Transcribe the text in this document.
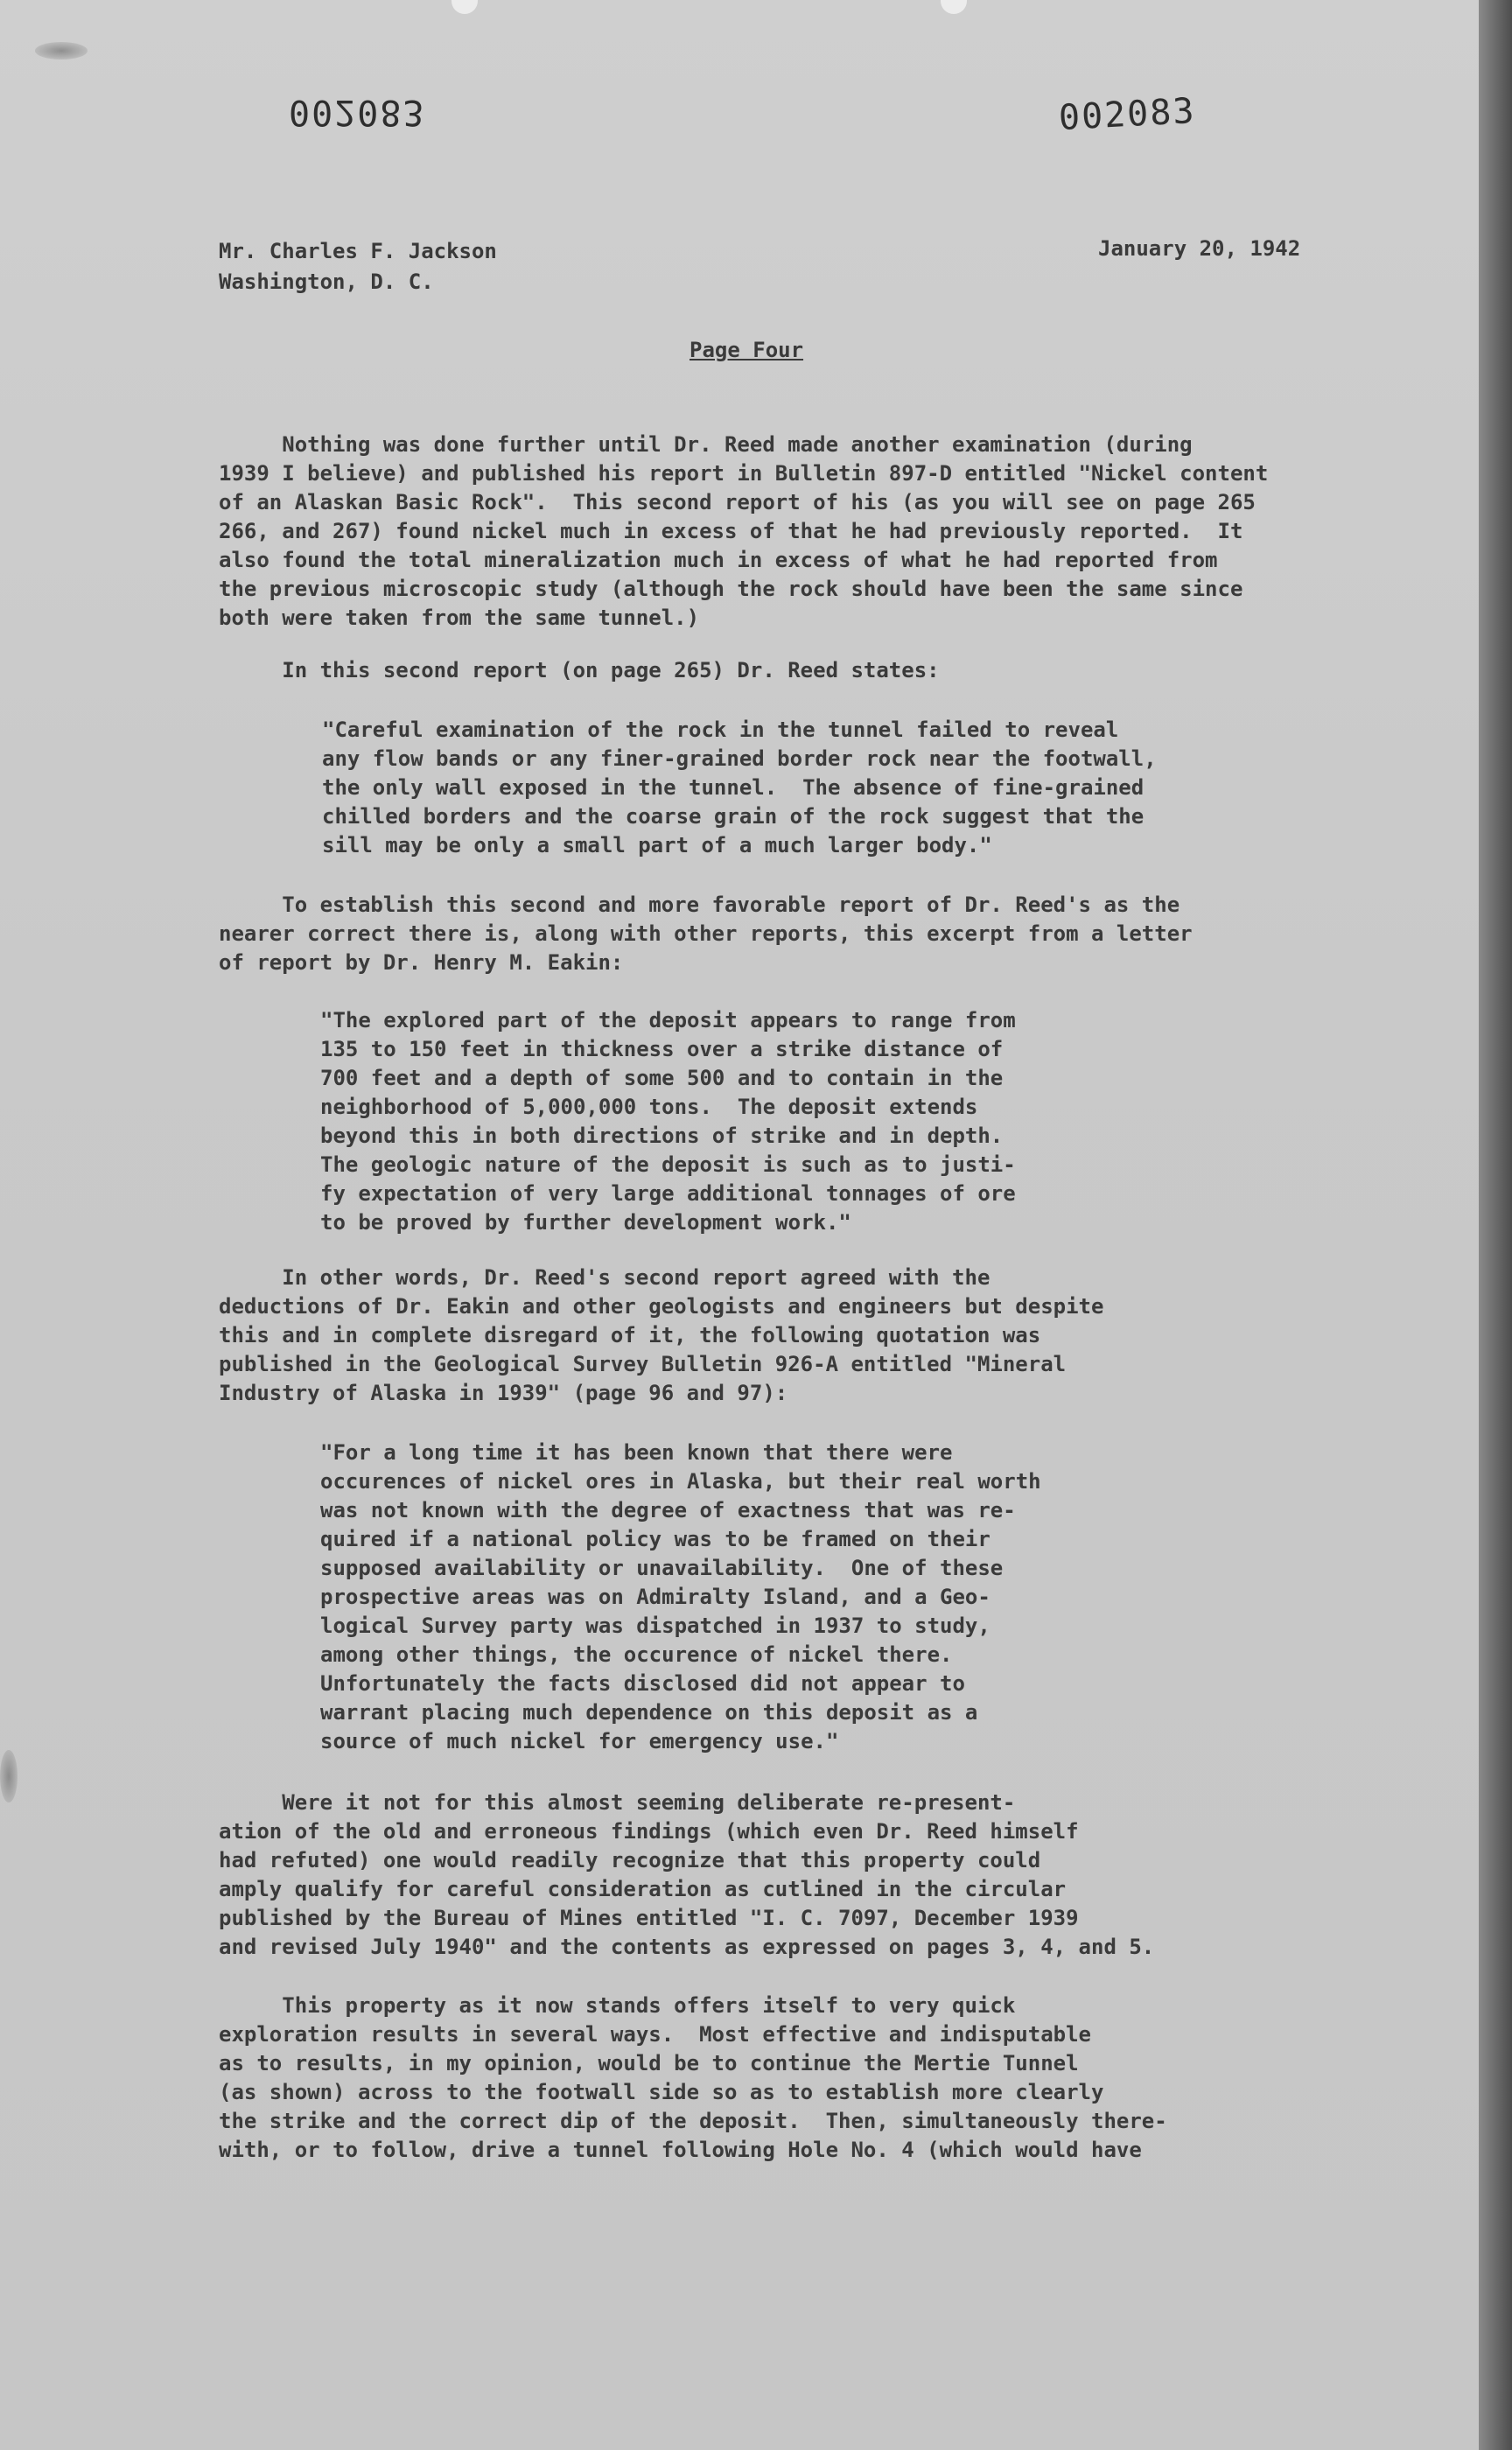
002083	002083
Mr. Charles F. Jackson
Washington, D. C.
January 20, 1942
Page Four
Nothing was done further until Dr. Reed made another examination (during
1939 I believe) and published his report in Bulletin 897-D entitled "Nickel content
of an Alaskan Basic Rock".  This second report of his (as you will see on page 265
266, and 267) found nickel much in excess of that he had previously reported.  It
also found the total mineralization much in excess of what he had reported from
the previous microscopic study (although the rock should have been the same since
both were taken from the same tunnel.)
In this second report (on page 265) Dr. Reed states:
"Careful examination of the rock in the tunnel failed to reveal
any flow bands or any finer-grained border rock near the footwall,
the only wall exposed in the tunnel.  The absence of fine-grained
chilled borders and the coarse grain of the rock suggest that the
sill may be only a small part of a much larger body."
To establish this second and more favorable report of Dr. Reed's as the
nearer correct there is, along with other reports, this excerpt from a letter
of report by Dr. Henry M. Eakin:
"The explored part of the deposit appears to range from
135 to 150 feet in thickness over a strike distance of
700 feet and a depth of some 500 and to contain in the
neighborhood of 5,000,000 tons.  The deposit extends
beyond this in both directions of strike and in depth.
The geologic nature of the deposit is such as to justi-
fy expectation of very large additional tonnages of ore
to be proved by further development work."
In other words, Dr. Reed's second report agreed with the
deductions of Dr. Eakin and other geologists and engineers but despite
this and in complete disregard of it, the following quotation was
published in the Geological Survey Bulletin 926-A entitled "Mineral
Industry of Alaska in 1939" (page 96 and 97):
"For a long time it has been known that there were
occurences of nickel ores in Alaska, but their real worth
was not known with the degree of exactness that was re-
quired if a national policy was to be framed on their
supposed availability or unavailability.  One of these
prospective areas was on Admiralty Island, and a Geo-
logical Survey party was dispatched in 1937 to study,
among other things, the occurence of nickel there.
Unfortunately the facts disclosed did not appear to
warrant placing much dependence on this deposit as a
source of much nickel for emergency use."
Were it not for this almost seeming deliberate re-present-
ation of the old and erroneous findings (which even Dr. Reed himself
had refuted) one would readily recognize that this property could
amply qualify for careful consideration as cutlined in the circular
published by the Bureau of Mines entitled "I. C. 7097, December 1939
and revised July 1940" and the contents as expressed on pages 3, 4, and 5.
This property as it now stands offers itself to very quick
exploration results in several ways.  Most effective and indisputable
as to results, in my opinion, would be to continue the Mertie Tunnel
(as shown) across to the footwall side so as to establish more clearly
the strike and the correct dip of the deposit.  Then, simultaneously there-
with, or to follow, drive a tunnel following Hole No. 4 (which would have
